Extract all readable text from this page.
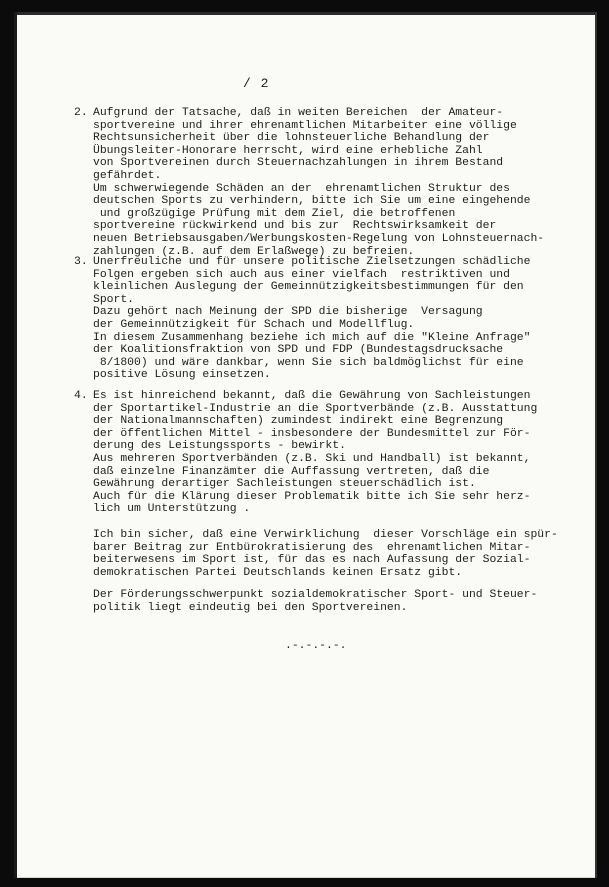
/ 2
2. Aufgrund der Tatsache, daß in weiten Bereichen  der Amateur-
sportvereine und ihrer ehrenamtlichen Mitarbeiter eine völlige
Rechtsunsicherheit über die lohnsteuerliche Behandlung der
Übungsleiter-Honorare herrscht, wird eine erhebliche Zahl
von Sportvereinen durch Steuernachzahlungen in ihrem Bestand
gefährdet.
Um schwerwiegende Schäden an der  ehrenamtlichen Struktur des
deutschen Sports zu verhindern, bitte ich Sie um eine eingehende
und großzügige Prüfung mit dem Ziel, die betroffenen
sportvereine rückwirkend und bis zur  Rechtswirksamkeit der
neuen Betriebsausgaben/Werbungskosten-Regelung von Lohnsteuernach-
zahlungen (z.B. auf dem Erlaßwege) zu befreien.
3. Unerfreuliche und für unsere politische Zielsetzungen schädliche
Folgen ergeben sich auch aus einer vielfach  restriktiven und
kleinlichen Auslegung der Gemeinnützigkeitsbestimmungen für den
Sport.
Dazu gehört nach Meinung der SPD die bisherige  Versagung
der Gemeinnützigkeit für Schach und Modellflug.
In diesem Zusammenhang beziehe ich mich auf die "Kleine Anfrage"
der Koalitionsfraktion von SPD und FDP (Bundestagsdrucksache
8/1800) und wäre dankbar, wenn Sie sich baldmöglichst für eine
positive Lösung einsetzen.
4. Es ist hinreichend bekannt, daß die Gewährung von Sachleistungen
der Sportartikel-Industrie an die Sportverbände (z.B. Ausstattung
der Nationalmannschaften) zumindest indirekt eine Begrenzung
der öffentlichen Mittel - insbesondere der Bundesmittel zur För-
derung des Leistungssports - bewirkt.
Aus mehreren Sportverbänden (z.B. Ski und Handball) ist bekannt,
daß einzelne Finanzämter die Auffassung vertreten, daß die
Gewährung derartiger Sachleistungen steuerschädlich ist.
Auch für die Klärung dieser Problematik bitte ich Sie sehr herz-
lich um Unterstützung .
Ich bin sicher, daß eine Verwirklichung  dieser Vorschläge ein spür-
barer Beitrag zur Entbürokratisierung des  ehrenamtlichen Mitar-
beiterwesens im Sport ist, für das es nach Aufassung der Sozial-
demokratischen Partei Deutschlands keinen Ersatz gibt.
Der Förderungsschwerpunkt sozialdemokratischer Sport- und Steuer-
politik liegt eindeutig bei den Sportvereinen.
.-.-.-.-.
